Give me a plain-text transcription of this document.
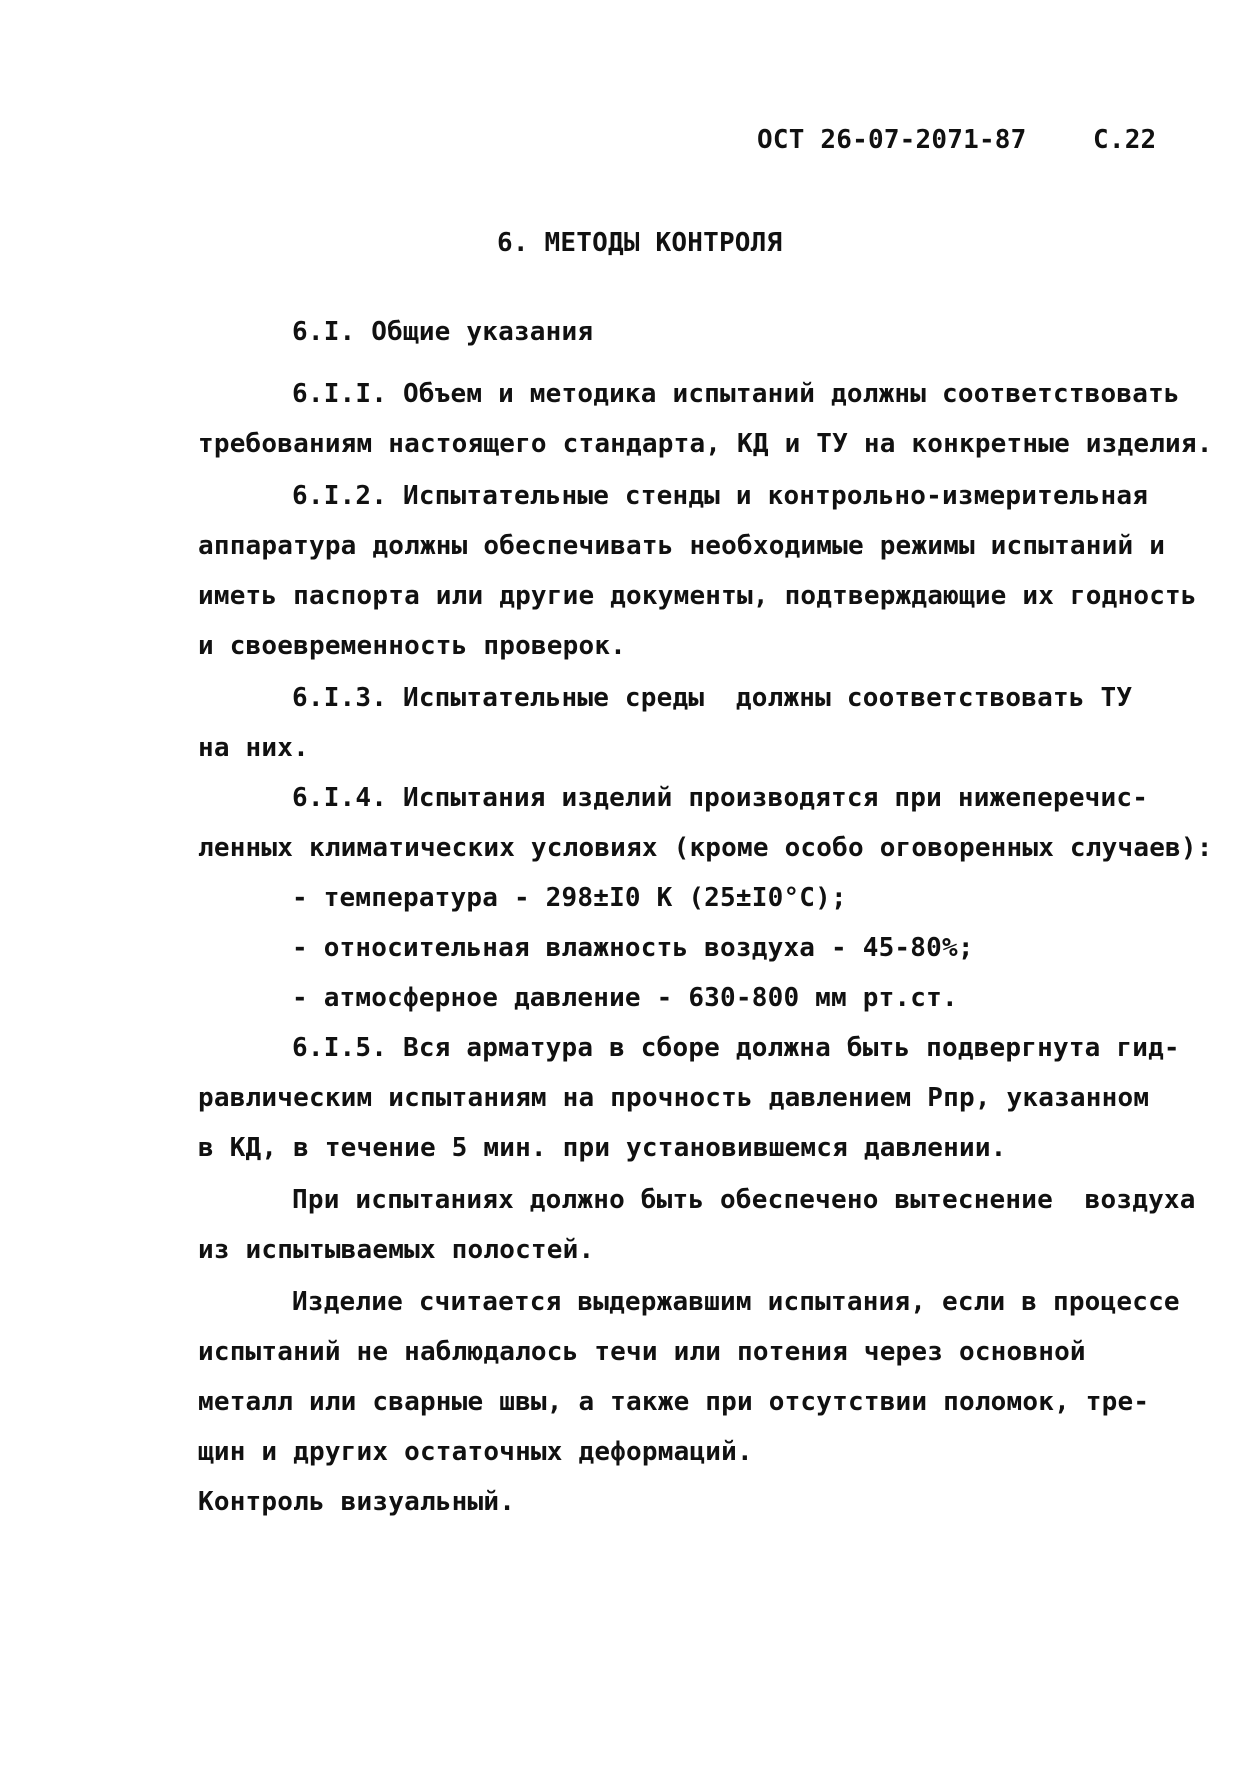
ОСТ 26-07-2071-87	С.22
6. МЕТОДЫ КОНТРОЛЯ
6.I. Общие указания
6.I.I. Объем и методика испытаний должны соответствовать
требованиям настоящего стандарта, КД и ТУ на конкретные изделия.
6.I.2. Испытательные стенды и контрольно-измерительная
аппаратура должны обеспечивать необходимые режимы испытаний и
иметь паспорта или другие документы, подтверждающие их годность
и своевременность проверок.
6.I.3. Испытательные среды  должны соответствовать ТУ
на них.
6.I.4. Испытания изделий производятся при нижеперечис-
ленных климатических условиях (кроме особо оговоренных случаев):
- температура - 298±I0 К (25±I0°С);
- относительная влажность воздуха - 45-80%;
- атмосферное давление - 630-800 мм рт.ст.
6.I.5. Вся арматура в сборе должна быть подвергнута гид-
равлическим испытаниям на прочность давлением Рпр, указанном
в КД, в течение 5 мин. при установившемся давлении.
При испытаниях должно быть обеспечено вытеснение  воздуха
из испытываемых полостей.
Изделие считается выдержавшим испытания, если в процессе
испытаний не наблюдалось течи или потения через основной
металл или сварные швы, а также при отсутствии поломок, тре-
щин и других остаточных деформаций.
Контроль визуальный.
